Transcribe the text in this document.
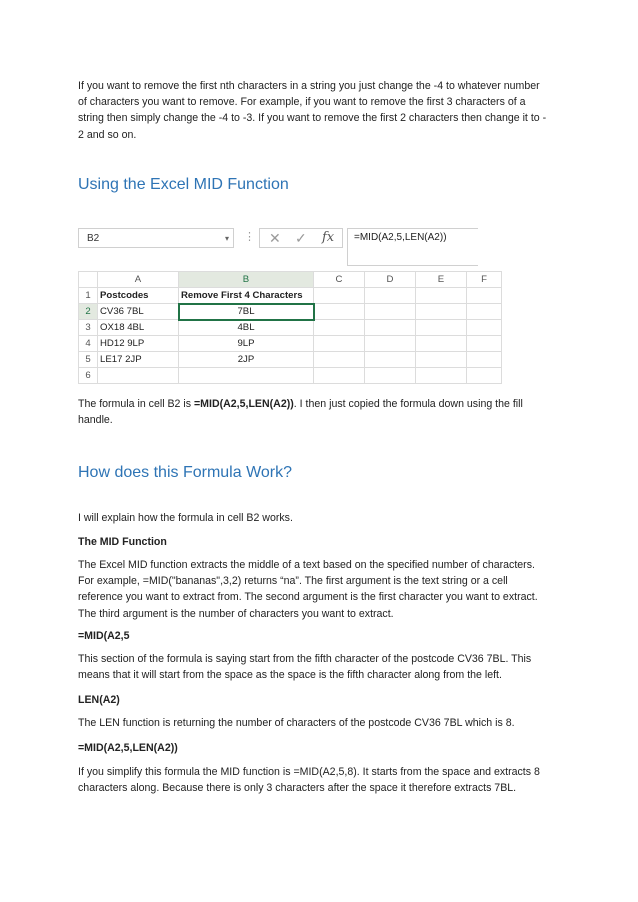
If you want to remove the first nth characters in a string you just change the -4 to whatever number
of characters you want to remove. For example, if you want to remove the first 3 characters of a
string then simply change the -4 to -3. If you want to remove the first 2 characters then change it to -
2 and so on.
Using the Excel MID Function
B2	▾ ⋮ ✕ ✓ fx	=MID(A2,5,LEN(A2))
	A	B	C	D	E	F
1	Postcodes	Remove First 4 Characters				
2	CV36 7BL	7BL				
3	OX18 4BL	4BL				
4	HD12 9LP	9LP				
5	LE17 2JP	2JP				
6						
The formula in cell B2 is =MID(A2,5,LEN(A2)). I then just copied the formula down using the fill
handle.
How does this Formula Work?
I will explain how the formula in cell B2 works.
The MID Function
The Excel MID function extracts the middle of a text based on the specified number of characters.
For example, =MID("bananas",3,2) returns “na”. The first argument is the text string or a cell
reference you want to extract from. The second argument is the first character you want to extract.
The third argument is the number of characters you want to extract.
=MID(A2,5
This section of the formula is saying start from the fifth character of the postcode CV36 7BL. This
means that it will start from the space as the space is the fifth character along from the left.
LEN(A2)
The LEN function is returning the number of characters of the postcode CV36 7BL which is 8.
=MID(A2,5,LEN(A2))
If you simplify this formula the MID function is =MID(A2,5,8). It starts from the space and extracts 8
characters along. Because there is only 3 characters after the space it therefore extracts 7BL.
